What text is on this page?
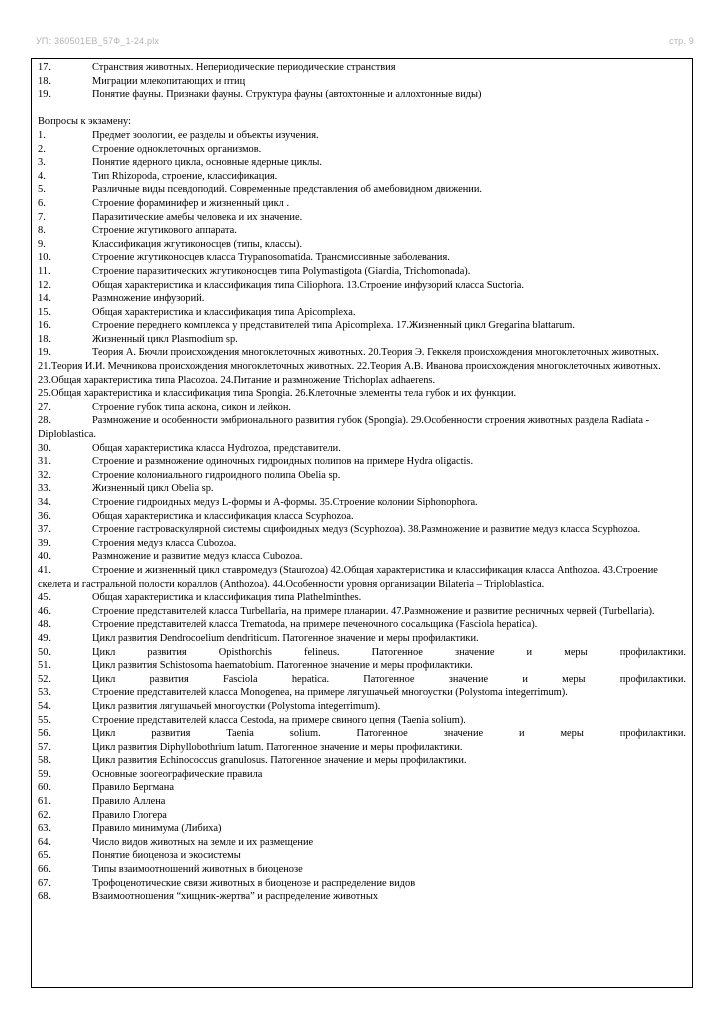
УП: 360501ЕВ_57Ф_1-24.plx	стр. 9
17.	Странствия животных. Непериодические периодические странствия
18.	Миграции млекопитающих и птиц
19.	Понятие фауны. Признаки фауны. Структура фауны (автохтонные и аллохтонные виды)
Вопросы к экзамену:
1.	Предмет зоологии, ее разделы и объекты изучения.
2.	Строение одноклеточных организмов.
3.	Понятие ядерного цикла, основные ядерные циклы.
4.	Тип Rhizopoda, строение, классификация.
5.	Различные виды псевдоподий. Современные представления об амебовидном движении.
6.	Строение фораминифер и жизненный цикл .
7.	Паразитические амебы человека и их значение.
8.	Строение жгутикового аппарата.
9.	Классификация жгутиконосцев (типы, классы).
10.	Строение жгутиконосцев класса Trypanosomatida. Трансмиссивные заболевания.
11.	Строение паразитических жгутиконосцев типа Polymastigota (Giardia, Trichomonada).
12.	Общая характеристика и классификация типа Ciliophora. 13.Строение инфузорий класса Suctoria.
14.	Размножение инфузорий.
15.	Общая характеристика и классификация типа Apicomplexa.
16.	Строение переднего комплекса у представителей типа Apicomplexa. 17.Жизненный цикл Gregarina blattarum.
18.	Жизненный цикл Plasmodium sp.
19.	Теория А. Бючли происхождения многоклеточных животных. 20.Теория Э. Геккеля происхождения многоклеточных животных.
21.Теория И.И. Мечникова происхождения многоклеточных животных. 22.Теория А.В. Иванова происхождения многоклеточных животных.
23.Общая характеристика типа Placozoa. 24.Питание и размножение Trichoplax adhaerens.
25.Общая характеристика и классификация типа Spongia. 26.Клеточные элементы тела губок и их функции.
27.	Строение губок типа аскона, сикон и лейкон.
28.	Размножение и особенности эмбрионального развития губок (Spongia). 29.Особенности строения животных раздела Radiata - Diploblastica.
30.	Общая характеристика класса Hydrozoa, представители.
31.	Строение и размножение одиночных гидроидных полипов на примере Hydra oligactis.
32.	Строение колониального гидроидного полипа Obelia sp.
33.	Жизненный цикл Obelia sp.
34.	Строение гидроидных медуз L-формы и A-формы. 35.Строение колонии Siphonophora.
36.	Общая характеристика и классификация класса Scyphozoa.
37.	Строение гастроваскулярной системы сцифоидных медуз (Scyphozoa). 38.Размножение и развитие медуз класса Scyphozoa.
39.	Строения медуз класса Cubozoa.
40.	Размножение и развитие медуз класса Cubozoa.
41.	Строение и жизненный цикл ставромедуз (Staurozoa) 42.Общая характеристика и классификация класса Anthozoa. 43.Строение скелета и гастральной полости кораллов (Anthozoa). 44.Особенности уровня организации Bilateria – Triploblastica.
45.	Общая характеристика и классификация типа Plathelminthes.
46.	Строение представителей класса Turbellaria, на примере планарии. 47.Размножение и развитие ресничных червей (Turbellaria).
48.	Строение представителей класса Trematoda, на примере печеночного сосальщика (Fasciola hepatica).
49.	Цикл развития Dendrocoelium dendriticum. Патогенное значение и меры профилактики.
50.	Цикл развития Opisthorchis felineus. Патогенное значение и меры профилактики.
51.	Цикл развития Schistosoma haematobium. Патогенное значение и меры профилактики.
52.	Цикл развития Fasciola hepatica. Патогенное значение и меры профилактики.
53.	Строение представителей класса Monogenea, на примере лягушачьей многоустки (Polystoma integerrimum).
54.	Цикл развития лягушачьей многоустки (Polystoma integerrimum).
55.	Строение представителей класса Cestoda, на примере свиного цепня (Taenia solium).
56.	Цикл развития Taenia solium. Патогенное значение и меры профилактики.
57.	Цикл развития Diphyllobothrium latum. Патогенное значение и меры профилактики.
58.	Цикл развития Echinococcus granulosus. Патогенное значение и меры профилактики.
59.	Основные зоогеографические правила
60.	Правило Бергмана
61.	Правило Аллена
62.	Правило Глогера
63.	Правило минимума (Либиха)
64.	Число видов животных на земле и их размещение
65.	Понятие биоценоза и экосистемы
66.	Типы взаимоотношений животных в биоценозе
67.	Трофоценотические связи животных в биоценозе и распределение видов
68.	Взаимоотношения “хищник-жертва” и распределение животных
